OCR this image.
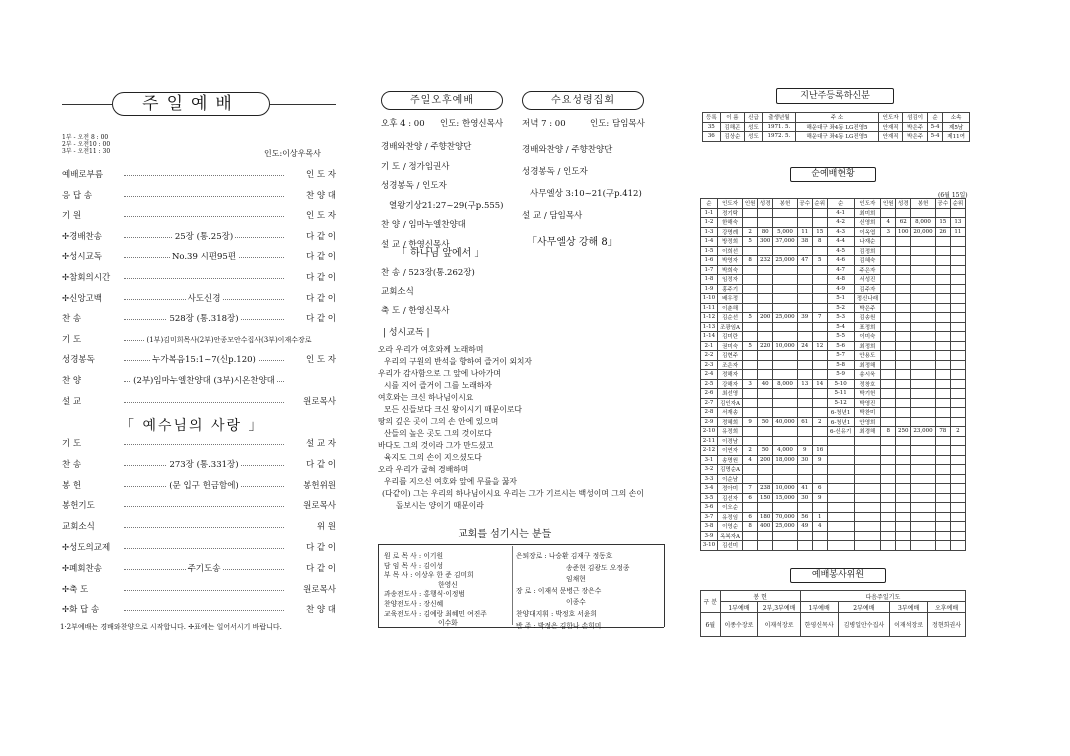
주일예배
1부 - 오전 8 : 00
2부 - 오전10 : 00
3부 - 오전11 : 30	인도:이상우목사
예배로부름	인 도 자
응 답 송	찬 양 대
기 원	인 도 자
✢경배찬송	25장 (통.25장)	다 같 이
✢성시교독	No.39 시편95편	다 같 이
✢참회의시간	다 같 이
✢신앙고백	사도신경	다 같 이
찬 송	528장 (통.318장)	다 같 이
기 도	(1부)김미희목사(2부)안종모안수집사(3부)이재수장로
성경봉독	누가복음15:1~7(신p.120)	인 도 자
찬 양	(2부)임마누엘찬양대 (3부)시온찬양대
설 교	원로목사
「 예수님의 사랑 」
기 도	설 교 자
찬 송	273장 (통.331장)	다 같 이
봉 헌	(문 입구 헌금함에)	봉헌위원
봉헌기도	원로목사
교회소식	위 원
✢성도의교제	다 같 이
✢폐회찬송	주기도송	다 같 이
✢축 도	원로목사
✢화 답 송	찬 양 대
1·2부예배는 경배와찬양으로 시작합니다. ✢표에는 일어서시기 바랍니다.
주일오후예배	수요성령집회
오후 4 : 00 인도: 한영신목사
경배와찬양 / 주향찬양단
기 도 / 정가임권사
성경봉독 / 인도자
열왕기상21:27~29(구p.555)
찬 양 / 임마누엘찬양대
설 교 / 한영신목사
「 하나님 앞에서 」
찬 송 / 523장(통.262장)
교회소식
축 도 / 한영신목사
저녁 7 : 00	인도: 담임목사
경배와찬양 / 주향찬양단
성경봉독 / 인도자
사무엘상 3:10~21(구p.412)
설 교 / 담임목사
「사무엘상 강해 8」
| 성시교독 |
오라 우리가 여호와께 노래하며
우리의 구원의 반석을 향하여 즐거이 외치자
우리가 감사함으로 그 앞에 나아가며
시를 지어 즐거이 그를 노래하자
여호와는 크신 하나님이시요
모든 신들보다 크신 왕이시기 때문이로다
땅의 깊은 곳이 그의 손 안에 있으며
산들의 높은 곳도 그의 것이로다
바다도 그의 것이라 그가 만드셨고
육지도 그의 손이 지으셨도다
오라 우리가 굽혀 경배하며
우리를 지으신 여호와 앞에 무릎을 꿇자
(다같이) 그는 우리의 하나님이시요 우리는 그가 기르시는 백성이며 그의 손이
돌보시는 양이기 때문이라
교회를 섬기시는 분들
원 로 목 사 : 이기원
담 임 목 사 : 김이성
부 목 사 : 이상우 한 준 김미희
한영신
과송전도사 : 홍행식·이정범
찬양전도사 : 장신혜
교육전도사 : 김예랑 최혜민 여진주
이수화
은퇴장로 : 나승환 김재구 정동호
송준현 김광도 오정종
임채현
장 로 : 이재석 문병근 장은수
이종수
찬양대지휘 : 박정호 서윤희
반 주 : 박정은 김한나 손희미
지난주등록하신분
등록	이 름	신급	출생년월	주 소	인도자	섬김이	순	소속
35	김해곤	성도	1971. 5.	해운대구 좌4동 LG진영5	안재직	박은주	5-4	제5남
36	김상순	성도	1972. 5.	해운대구 좌4동 LG진영5	안재직	박은주	5-4	제11여
순예배현황
(6월 15일)
순	인도자	인원	성경	봉헌	공수	순위	순	인도자	인원	성경	봉헌	공수	순위
1-1	정기탁						4-1	최미희					
1-2	한해숙						4-2	신영희	4	62	8,000	15	13
1-3	강명례	2	80	5,000	11	15	4-3	이옥엽	3	100	20,000	26	11
1-4	방정희	5	300	37,000	38	8	4-4	나재순					
1-5	이희선						4-5	김정희					
1-6	박영자	8	232	25,000	47	5	4-6	김혜숙					
1-7	박희숙						4-7	주은자					
1-8	임정자						4-8	서성진					
1-9	홍주기						4-9	김주자					
1-10	배우정						5-1	정신나래					
1-11	이춘해						5-2	박은주					
1-12	김순선	5	200	25,000	39	7	5-3	김송원					
1-13	조광임A						5-4	표정희					
1-14	김미란						5-5	이미숙					
2-1	권미숙	5	220	10,000	24	12	5-6	최정희					
2-2	김현주						5-7	안용도					
2-3	조은자						5-8	최정해					
2-4	정해자						5-9	송시욱					
2-5	강해자	3	40	8,000	13	14	5-10	정창호					
2-6	최선영						5-11	박기헌					
2-7	김인자A						5-12	박영진					
2-8	서재송						6-청년1	박찬미					
2-9	정혜희	9	50	40,000	61	2	6-청년1	안영희					
2-10	유정희						6-신유기	최경해	8	250	23,000	78	2
2-11	이경남												
2-12	이연자	2	50	4,000	9	16							
3-1	송명원	4	200	18,000	30	9							
3-2	김명순A												
3-3	이순남												
3-4	정아미	7	238	10,000	41	6							
3-5	김선자	6	150	15,000	30	9							
3-6	이오순												
3-7	유정임	6	180	70,000	56	1							
3-8	이영순	8	400	25,000	49	4							
3-9	옥복자A												
3-10	김선미												
예배봉사위원
구 분	봉 헌		다음주일기도			
	1부예배	2부,3부예배	1부예배	2부예배	3부예배	오후예배
6월	이종수장로	이재석장로	한영신목사	김병일안수집사	이재석장로	정현희권사
